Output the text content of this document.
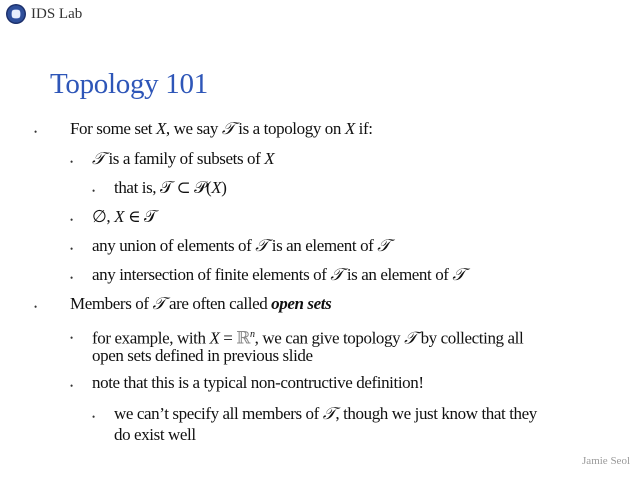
IDS Lab
Topology 101
• For some set X, we say 𝒯 is a topology on X if:
• 𝒯 is a family of subsets of X
• that is, 𝒯 ⊂ 𝒫(X)
• ∅, X ∈ 𝒯
• any union of elements of 𝒯 is an element of 𝒯
• any intersection of finite elements of 𝒯 is an element of 𝒯
• Members of 𝒯 are often called open sets
• for example, with X = ℝ$^n$, we can give topology 𝒯 by collecting all
open sets defined in previous slide
• note that this is a typical non-contructive definition!
• we can’t specify all members of 𝒯, though we just know that they
do exist well
Jamie Seol
